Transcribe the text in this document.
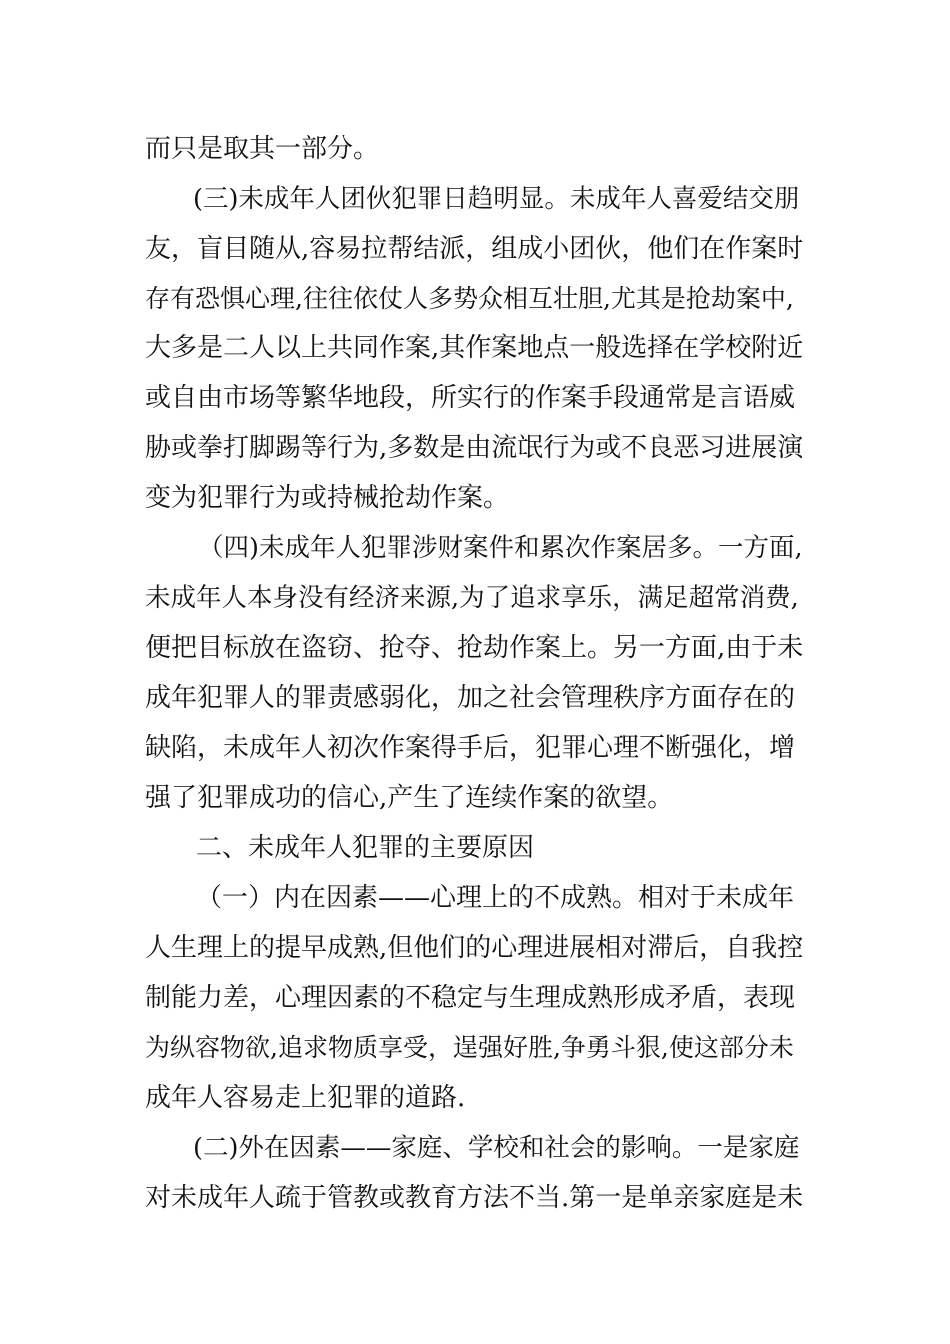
而只是取其一部分。
(三)未成年人团伙犯罪日趋明显。未成年人喜爱结交朋
友，盲目随从,容易拉帮结派，组成小团伙，他们在作案时
存有恐惧心理,往往依仗人多势众相互壮胆,尤其是抢劫案中,
大多是二人以上共同作案,其作案地点一般选择在学校附近
或自由市场等繁华地段，所实行的作案手段通常是言语威
胁或拳打脚踢等行为,多数是由流氓行为或不良恶习进展演
变为犯罪行为或持械抢劫作案。
（四)未成年人犯罪涉财案件和累次作案居多。一方面,
未成年人本身没有经济来源,为了追求享乐，满足超常消费,
便把目标放在盗窃、抢夺、抢劫作案上。另一方面,由于未
成年犯罪人的罪责感弱化，加之社会管理秩序方面存在的
缺陷，未成年人初次作案得手后，犯罪心理不断强化，增
强了犯罪成功的信心,产生了连续作案的欲望。
二、未成年人犯罪的主要原因
（一）内在因素——心理上的不成熟。相对于未成年
人生理上的提早成熟,但他们的心理进展相对滞后，自我控
制能力差，心理因素的不稳定与生理成熟形成矛盾，表现
为纵容物欲,追求物质享受，逞强好胜,争勇斗狠,使这部分未
成年人容易走上犯罪的道路.
(二)外在因素——家庭、学校和社会的影响。一是家庭
对未成年人疏于管教或教育方法不当.第一是单亲家庭是未
